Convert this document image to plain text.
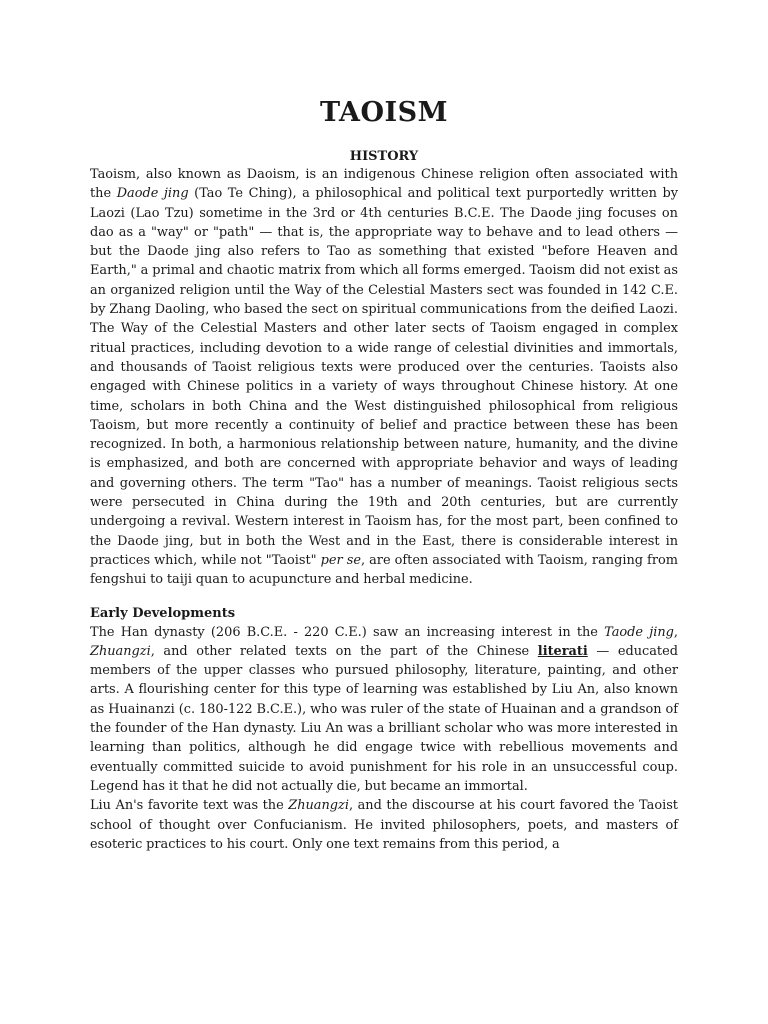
TAOISM
HISTORY

Taoism, also known as Daoism, is an indigenous Chinese religion often associated with the Daode jing (Tao Te Ching), a philosophical and political text purportedly written by Laozi (Lao Tzu) sometime in the 3rd or 4th centuries B.C.E. The Daode jing focuses on dao as a "way" or "path" — that is, the appropriate way to behave and to lead others — but the Daode jing also refers to Tao as something that existed "before Heaven and Earth," a primal and chaotic matrix from which all forms emerged. Taoism did not exist as an organized religion until the Way of the Celestial Masters sect was founded in 142 C.E. by Zhang Daoling, who based the sect on spiritual communications from the deified Laozi. The Way of the Celestial Masters and other later sects of Taoism engaged in complex ritual practices, including devotion to a wide range of celestial divinities and immortals, and thousands of Taoist religious texts were produced over the centuries. Taoists also engaged with Chinese politics in a variety of ways throughout Chinese history. At one time, scholars in both China and the West distinguished philosophical from religious Taoism, but more recently a continuity of belief and practice between these has been recognized. In both, a harmonious relationship between nature, humanity, and the divine is emphasized, and both are concerned with appropriate behavior and ways of leading and governing others. The term "Tao" has a number of meanings. Taoist religious sects were persecuted in China during the 19th and 20th centuries, but are currently undergoing a revival. Western interest in Taoism has, for the most part, been confined to the Daode jing, but in both the West and in the East, there is considerable interest in practices which, while not "Taoist" per se, are often associated with Taoism, ranging from fengshui to taiji quan to acupuncture and herbal medicine.

Early Developments

The Han dynasty (206 B.C.E. - 220 C.E.) saw an increasing interest in the Taode jing, Zhuangzi, and other related texts on the part of the Chinese literati — educated members of the upper classes who pursued philosophy, literature, painting, and other arts. A flourishing center for this type of learning was established by Liu An, also known as Huainanzi (c. 180-122 B.C.E.), who was ruler of the state of Huainan and a grandson of the founder of the Han dynasty. Liu An was a brilliant scholar who was more interested in learning than politics, although he did engage twice with rebellious movements and eventually committed suicide to avoid punishment for his role in an unsuccessful coup. Legend has it that he did not actually die, but became an immortal.

Liu An's favorite text was the Zhuangzi, and the discourse at his court favored the Taoist school of thought over Confucianism. He invited philosophers, poets, and masters of esoteric practices to his court. Only one text remains from this period, a
